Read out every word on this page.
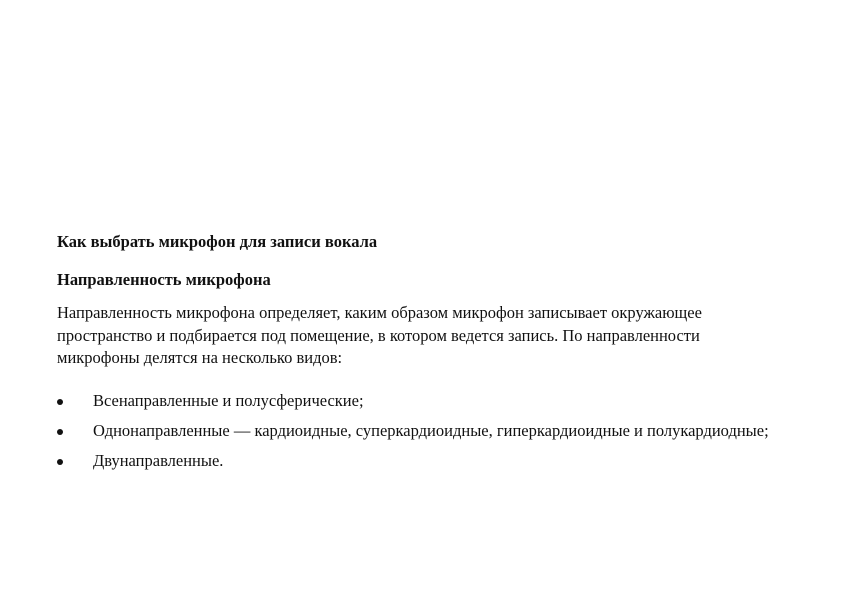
Как выбрать микрофон для записи вокала
Направленность микрофона

Направленность микрофона определяет, каким образом микрофон записывает окружающее пространство и подбирается под помещение, в котором ведется запись. По направленности микрофоны делятся на несколько видов:

Всенаправленные и полусферические;
Однонаправленные — кардиоидные, суперкардиоидные, гиперкардиоидные и полукардиодные;
Двунаправленные.
